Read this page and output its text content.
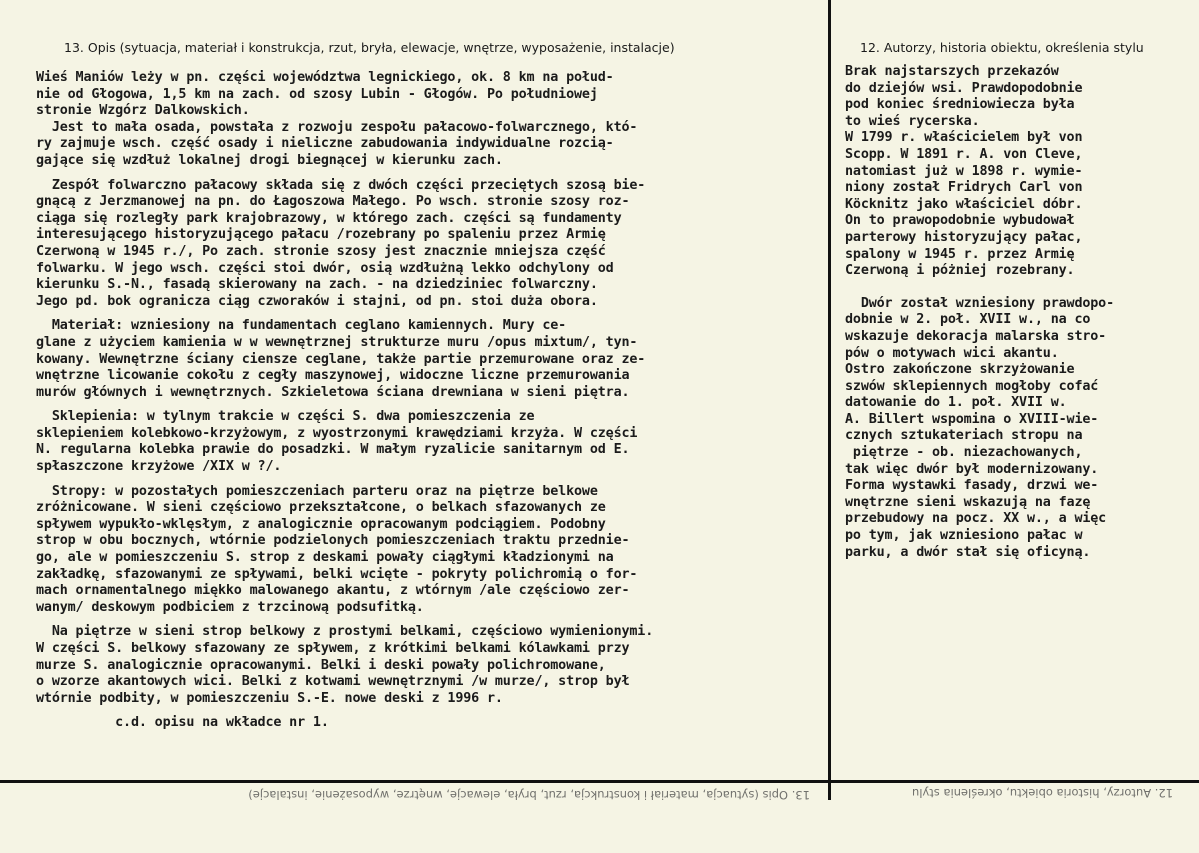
13. Opis (sytuacja, materiał i konstrukcja, rzut, bryła, elewacje, wnętrze, wyposażenie, instalacje)	12. Autorzy, historia obiektu, określenia stylu
Wieś Maniów leży w pn. części województwa legnickiego, ok. 8 km na połud-
nie od Głogowa, 1,5 km na zach. od szosy Lubin - Głogów. Po południowej
stronie Wzgórz Dalkowskich.
Jest to mała osada, powstała z rozwoju zespołu pałacowo-folwarcznego, któ-
ry zajmuje wsch. część osady i nieliczne zabudowania indywidualne rozcią-
gające się wzdłuż lokalnej drogi biegnącej w kierunku zach.
Zespół folwarczno pałacowy składa się z dwóch części przeciętych szosą bie-
gnącą z Jerzmanowej na pn. do Łagoszowa Małego. Po wsch. stronie szosy roz-
ciąga się rozległy park krajobrazowy, w którego zach. części są fundamenty
interesującego historyzującego pałacu /rozebrany po spaleniu przez Armię
Czerwoną w 1945 r./, Po zach. stronie szosy jest znacznie mniejsza część
folwarku. W jego wsch. części stoi dwór, osią wzdłużną lekko odchylony od
kierunku S.-N., fasadą skierowany na zach. - na dziedziniec folwarczny.
Jego pd. bok ogranicza ciąg czworaków i stajni, od pn. stoi duża obora.
Materiał: wzniesiony na fundamentach ceglano kamiennych. Mury ce-
glane z użyciem kamienia w w wewnętrznej strukturze muru /opus mixtum/, tyn-
kowany. Wewnętrzne ściany ciensze ceglane, także partie przemurowane oraz ze-
wnętrzne licowanie cokołu z cegły maszynowej, widoczne liczne przemurowania
murów głównych i wewnętrznych. Szkieletowa ściana drewniana w sieni piętra.
Sklepienia: w tylnym trakcie w części S. dwa pomieszczenia ze
sklepieniem kolebkowo-krzyżowym, z wyostrzonymi krawędziami krzyża. W części
N. regularna kolebka prawie do posadzki. W małym ryzalicie sanitarnym od E.
spłaszczone krzyżowe /XIX w ?/.
Stropy: w pozostałych pomieszczeniach parteru oraz na piętrze belkowe
zróżnicowane. W sieni częściowo przekształcone, o belkach sfazowanych ze
spływem wypukło-wklęsłym, z analogicznie opracowanym podciągiem. Podobny
strop w obu bocznych, wtórnie podzielonych pomieszczeniach traktu przednie-
go, ale w pomieszczeniu S. strop z deskami powały ciągłymi kładzionymi na
zakładkę, sfazowanymi ze spływami, belki wcięte - pokryty polichromią o for-
mach ornamentalnego miękko malowanego akantu, z wtórnym /ale częściowo zer-
wanym/ deskowym podbiciem z trzcinową podsufitką.
Na piętrze w sieni strop belkowy z prostymi belkami, częściowo wymienionymi.
W części S. belkowy sfazowany ze spływem, z krótkimi belkami kólawkami przy
murze S. analogicznie opracowanymi. Belki i deski powały polichromowane,
o wzorze akantowych wici. Belki z kotwami wewnętrznymi /w murze/, strop był
wtórnie podbity, w pomieszczeniu S.-E. nowe deski z 1996 r.
c.d. opisu na wkładce nr 1.
Brak najstarszych przekazów
do dziejów wsi. Prawdopodobnie
pod koniec średniowiecza była
to wieś rycerska.
W 1799 r. właścicielem był von
Scopp. W 1891 r. A. von Cleve,
natomiast już w 1898 r. wymie-
niony został Fridrych Carl von
Köcknitz jako właściciel dóbr.
On to prawopodobnie wybudował
parterowy historyzujący pałac,
spalony w 1945 r. przez Armię
Czerwoną i póżniej rozebrany.
Dwór został wzniesiony prawdopo-
dobnie w 2. poł. XVII w., na co
wskazuje dekoracja malarska stro-
pów o motywach wici akantu.
Ostro zakończone skrzyżowanie
szwów sklepiennych mogłoby cofać
datowanie do 1. poł. XVII w.
A. Billert wspomina o XVIII-wie-
cznych sztukateriach stropu na
piętrze - ob. niezachowanych,
tak więc dwór był modernizowany.
Forma wystawki fasady, drzwi we-
wnętrzne sieni wskazują na fazę
przebudowy na pocz. XX w., a więc
po tym, jak wzniesiono pałac w
parku, a dwór stał się oficyną.
13. Opis (sytuacja, materiał i konstrukcja, rzut, bryła, elewacje, wnętrze, wyposażenie, instalacje)	12. Autorzy, historia obiektu, określenia stylu
